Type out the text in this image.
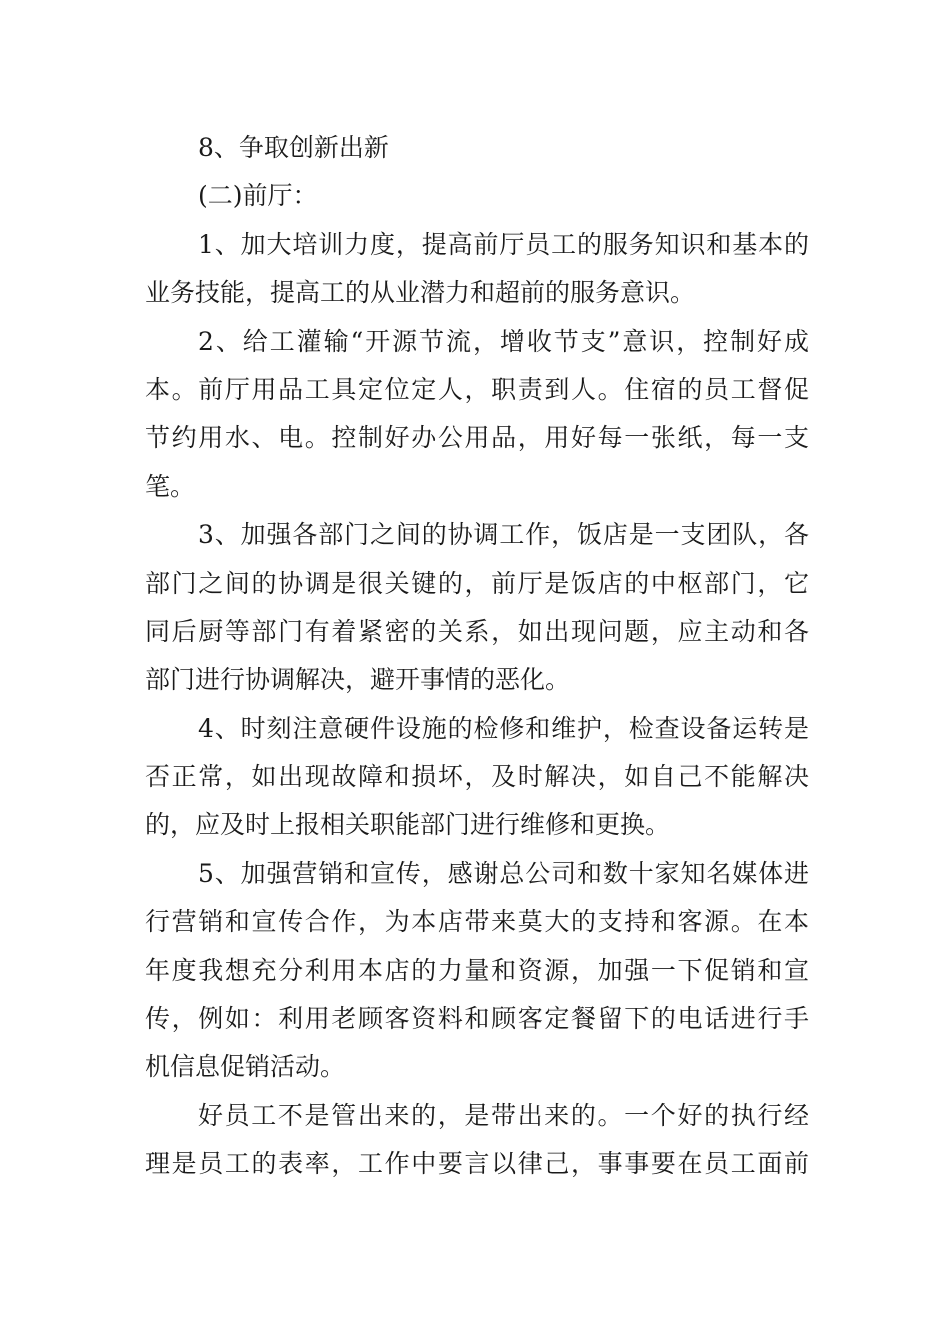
8、争取创新出新
(二)前厅：
1、加大培训力度，提高前厅员工的服务知识和基本的
业务技能，提高工的从业潜力和超前的服务意识。
2、给工灌输“开源节流，增收节支”意识，控制好成
本。前厅用品工具定位定人，职责到人。住宿的员工督促
节约用水、电。控制好办公用品，用好每一张纸，每一支
笔。
3、加强各部门之间的协调工作，饭店是一支团队，各
部门之间的协调是很关键的，前厅是饭店的中枢部门，它
同后厨等部门有着紧密的关系，如出现问题，应主动和各
部门进行协调解决，避开事情的恶化。
4、时刻注意硬件设施的检修和维护，检查设备运转是
否正常，如出现故障和损坏，及时解决，如自己不能解决
的，应及时上报相关职能部门进行维修和更换。
5、加强营销和宣传，感谢总公司和数十家知名媒体进
行营销和宣传合作，为本店带来莫大的支持和客源。在本
年度我想充分利用本店的力量和资源，加强一下促销和宣
传，例如：利用老顾客资料和顾客定餐留下的电话进行手
机信息促销活动。
好员工不是管出来的，是带出来的。一个好的执行经
理是员工的表率，工作中要言以律己，事事要在员工面前
